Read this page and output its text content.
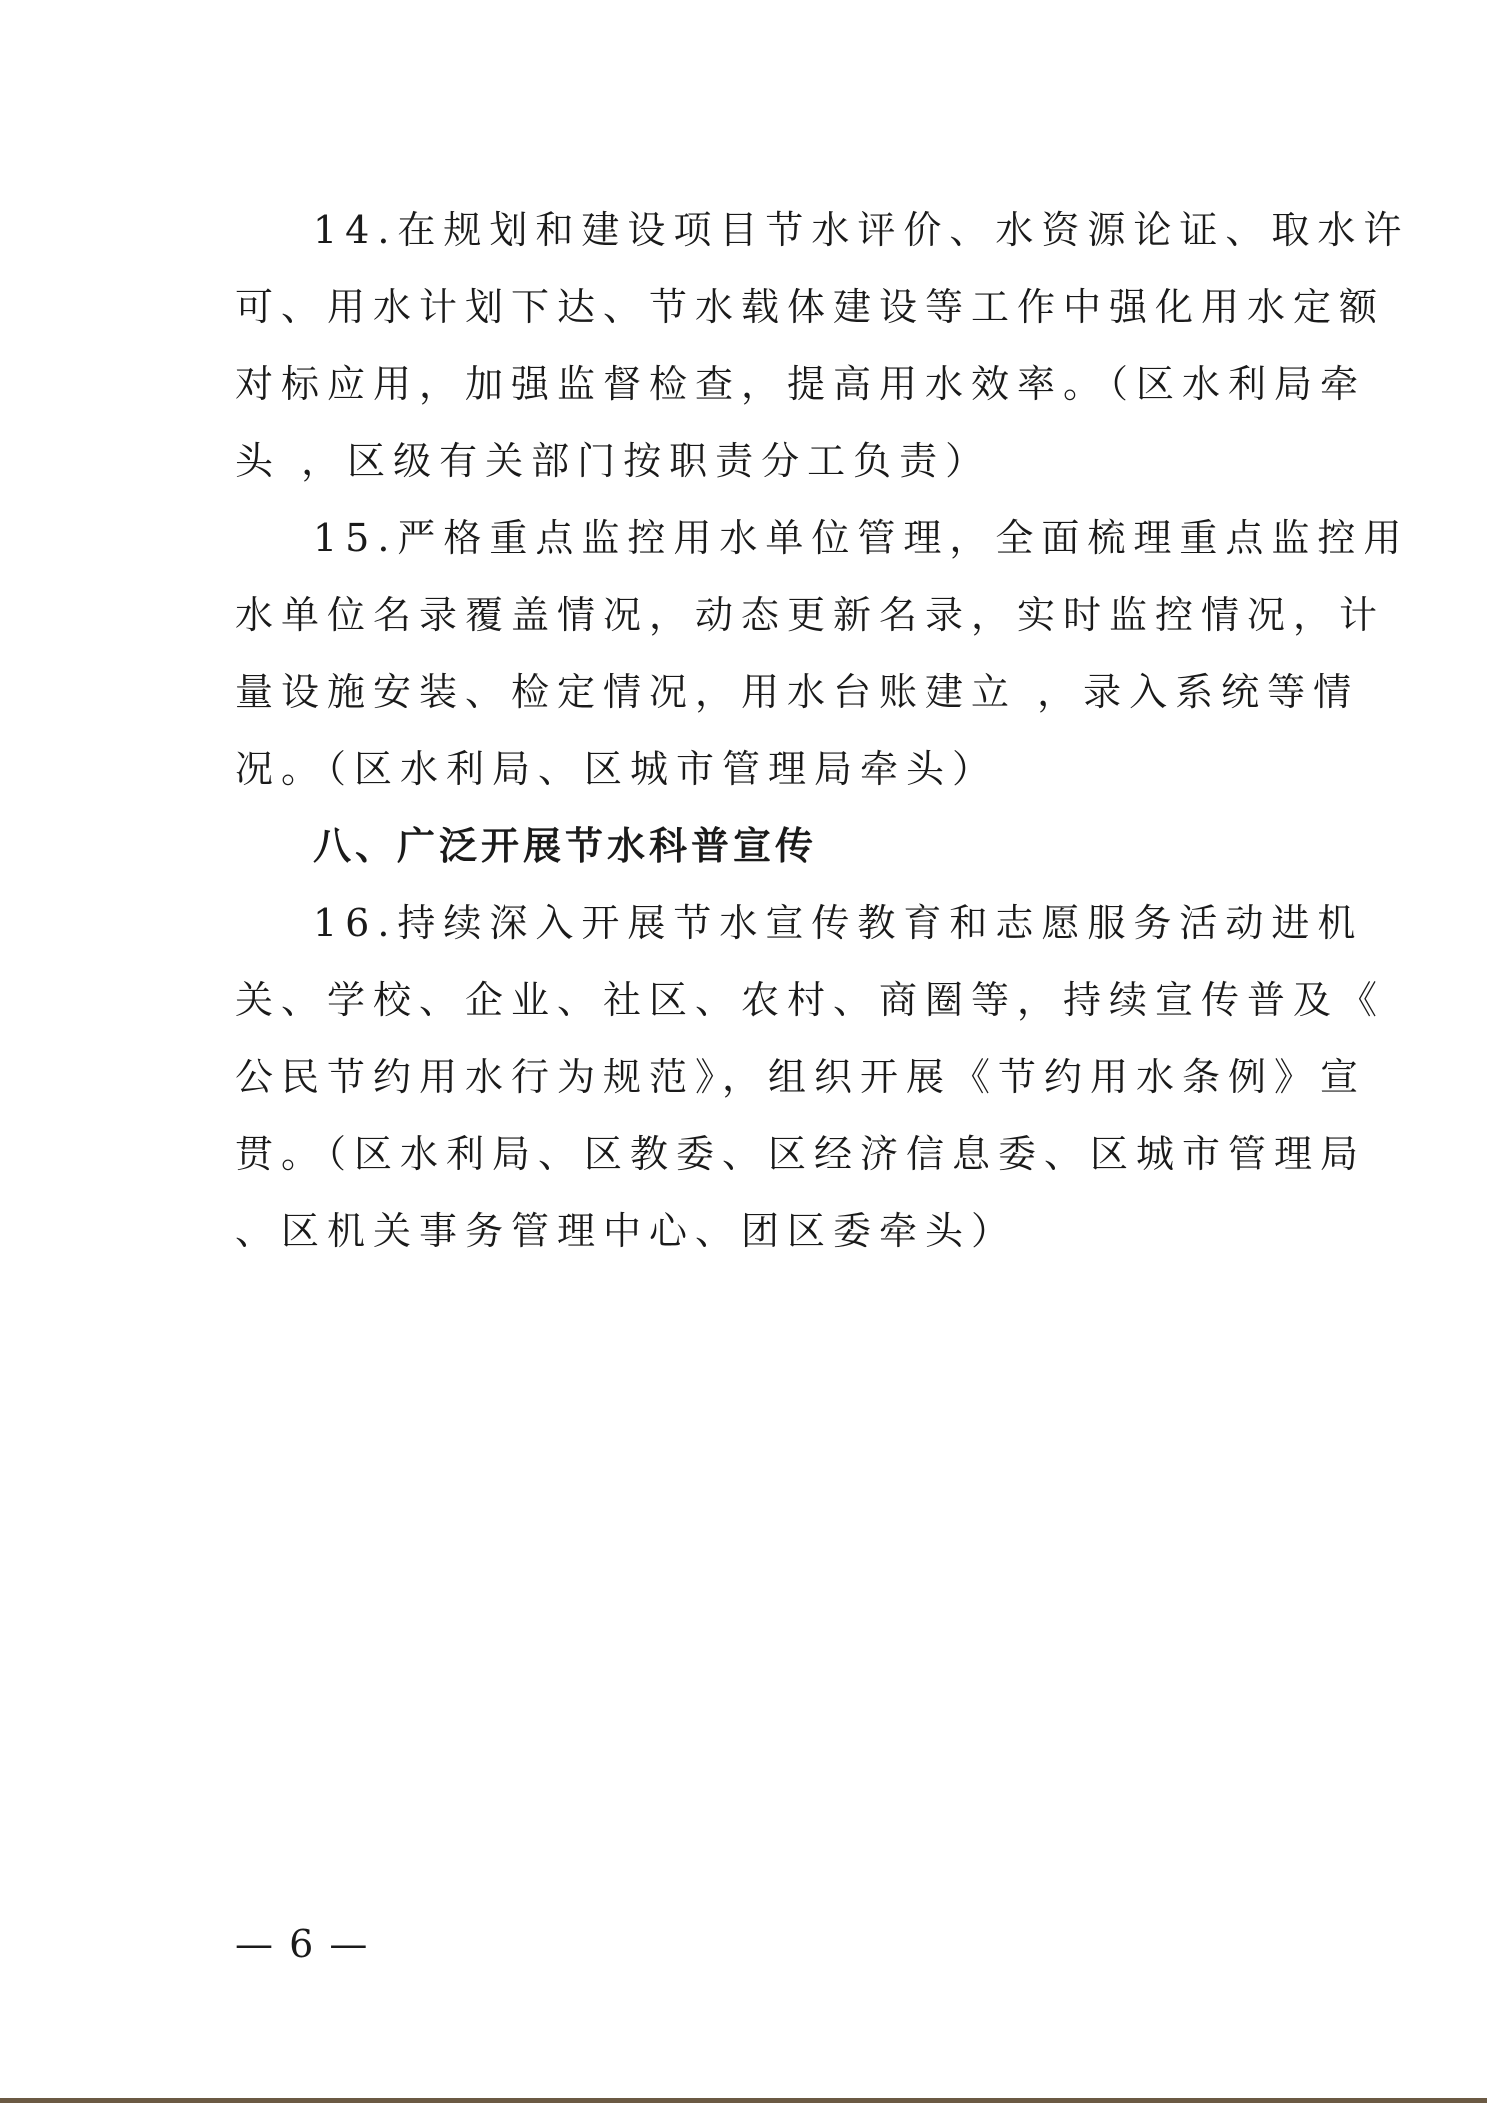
14.在规划和建设项目节水评价、水资源论证、取水许
可、用水计划下达、节水载体建设等工作中强化用水定额
对标应用，加强监督检查，提高用水效率。（区水利局牵
头 ，区级有关部门按职责分工负责）
15.严格重点监控用水单位管理，全面梳理重点监控用
水单位名录覆盖情况，动态更新名录，实时监控情况，计
量设施安装、检定情况，用水台账建立 ，录入系统等情
况。（区水利局、区城市管理局牵头）
八、广泛开展节水科普宣传
16.持续深入开展节水宣传教育和志愿服务活动进机
关、学校、企业、社区、农村、商圈等，持续宣传普及《
公民节约用水行为规范》，组织开展《节约用水条例》宣
贯。（区水利局、区教委、区经济信息委、区城市管理局
、区机关事务管理中心、团区委牵头）
— 6 —
